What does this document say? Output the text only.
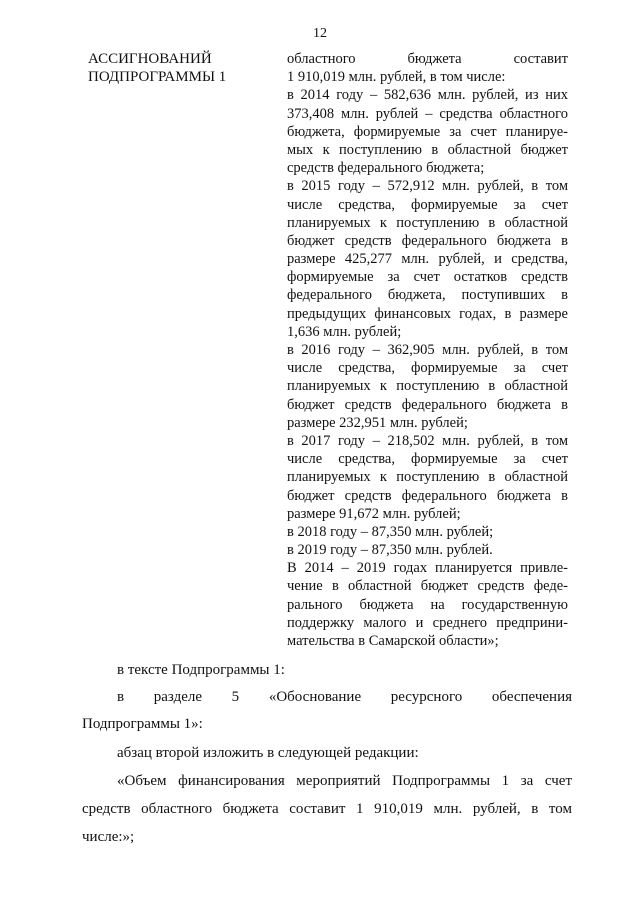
12
АССИГНОВАНИЙ
ПОДПРОГРАММЫ 1
областного бюджета составит
1 910,019 млн. рублей, в том числе:
в 2014 году – 582,636 млн. рублей, из них
373,408 млн. рублей – средства областного
бюджета, формируемые за счет планируе-
мых к поступлению в областной бюджет
средств федерального бюджета;
в 2015 году – 572,912 млн. рублей, в том
числе средства, формируемые за счет
планируемых к поступлению в областной
бюджет средств федерального бюджета в
размере 425,277 млн. рублей, и средства,
формируемые за счет остатков средств
федерального бюджета, поступивших в
предыдущих финансовых годах, в размере
1,636 млн. рублей;
в 2016 году – 362,905 млн. рублей, в том
числе средства, формируемые за счет
планируемых к поступлению в областной
бюджет средств федерального бюджета в
размере 232,951 млн. рублей;
в 2017 году – 218,502 млн. рублей, в том
числе средства, формируемые за счет
планируемых к поступлению в областной
бюджет средств федерального бюджета в
размере 91,672 млн. рублей;
в 2018 году – 87,350 млн. рублей;
в 2019 году – 87,350 млн. рублей.
В 2014 – 2019 годах планируется привле-
чение в областной бюджет средств феде-
рального бюджета на государственную
поддержку малого и среднего предприни-
мательства в Самарской области»;
в тексте Подпрограммы 1:
в разделе 5 «Обоснование ресурсного обеспечения
Подпрограммы 1»:
абзац второй изложить в следующей редакции:
«Объем финансирования мероприятий Подпрограммы 1 за счет
средств областного бюджета составит 1 910,019 млн. рублей, в том
числе:»;
